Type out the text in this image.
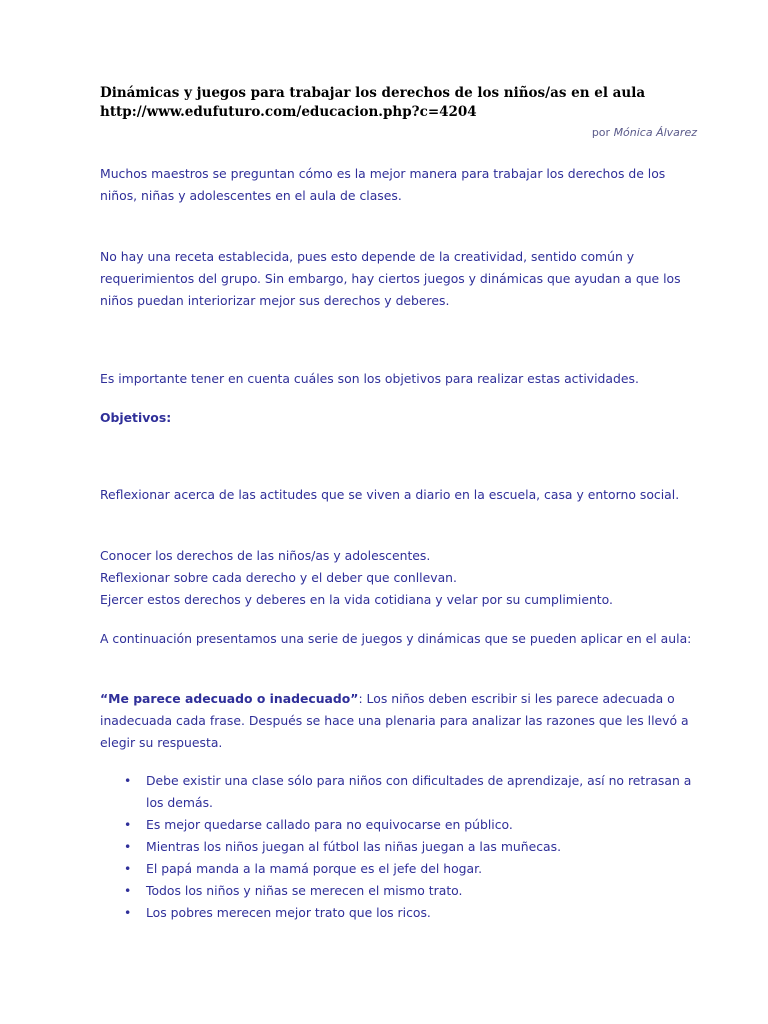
Dinámicas y juegos para trabajar los derechos de los niños/as en el aula

http://www.edufuturo.com/educacion.php?c=4204

por Mónica Álvarez

Muchos maestros se preguntan cómo es la mejor manera para trabajar los derechos de los niños, niñas y adolescentes en el aula de clases.

No hay una receta establecida, pues esto depende de la creatividad, sentido común y requerimientos del grupo. Sin embargo, hay ciertos juegos y dinámicas que ayudan a que los niños puedan interiorizar mejor sus derechos y deberes.

Es importante tener en cuenta cuáles son los objetivos para realizar estas actividades.

Objetivos:

Reflexionar acerca de las actitudes que se viven a diario en la escuela, casa y entorno social.

Conocer los derechos de las niños/as y adolescentes.

Reflexionar sobre cada derecho y el deber que conllevan.

Ejercer estos derechos y deberes en la vida cotidiana y velar por su cumplimiento.

A continuación presentamos una serie de juegos y dinámicas que se pueden aplicar en el aula:

“Me parece adecuado o inadecuado”: Los niños deben escribir si les parece adecuada o inadecuada cada frase. Después se hace una plenaria para analizar las razones que les llevó a elegir su respuesta.

• Debe existir una clase sólo para niños con dificultades de aprendizaje, así no retrasan a los demás.
• Es mejor quedarse callado para no equivocarse en público.
• Mientras los niños juegan al fútbol las niñas juegan a las muñecas.
• El papá manda a la mamá porque es el jefe del hogar.
• Todos los niños y niñas se merecen el mismo trato.
• Los pobres merecen mejor trato que los ricos.
